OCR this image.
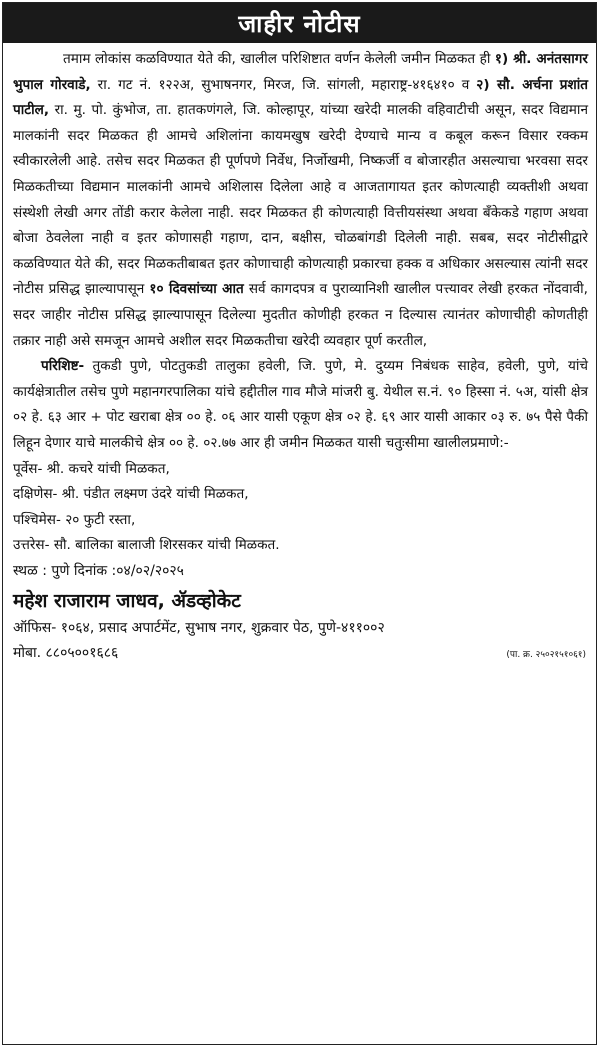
जाहीर नोटीस

तमाम लोकांस कळविण्यात येते की, खालील परिशिष्टात वर्णन केलेली जमीन मिळकत ही १) श्री. अनंतसागर भुपाल गोरवाडे, रा. गट नं. १२२अ, सुभाषनगर, मिरज, जि. सांगली, महाराष्ट्र-४१६४१० व २) सौ. अर्चना प्रशांत पाटील, रा. मु. पो. कुंभोज, ता. हातकणंगले, जि. कोल्हापूर, यांच्या खरेदी मालकी वहिवाटीची असून, सदर विद्यमान मालकांनी सदर मिळकत ही आमचे अशिलांना कायमखुष खरेदी देण्याचे मान्य व कबूल करून विसार रक्कम स्वीकारलेली आहे. तसेच सदर मिळकत ही पूर्णपणे निर्वेध, निर्जोखमी, निष्कर्जी व बोजारहीत असल्याचा भरवसा सदर मिळकतीच्या विद्यमान मालकांनी आमचे अशिलास दिलेला आहे व आजतागायत इतर कोणत्याही व्यक्तीशी अथवा संस्थेशी लेखी अगर तोंडी करार केलेला नाही. सदर मिळकत ही कोणत्याही वित्तीयसंस्था अथवा बँकेकडे गहाण अथवा बोजा ठेवलेला नाही व इतर कोणासही गहाण, दान, बक्षीस, चोळबांगडी दिलेली नाही. सबब, सदर नोटीसीद्वारे कळविण्यात येते की, सदर मिळकतीबाबत इतर कोणाचाही कोणत्याही प्रकारचा हक्क व अधिकार असल्यास त्यांनी सदर नोटीस प्रसिद्ध झाल्यापासून १० दिवसांच्या आत सर्व कागदपत्र व पुराव्यानिशी खालील पत्त्यावर लेखी हरकत नोंदवावी, सदर जाहीर नोटीस प्रसिद्ध झाल्यापासून दिलेल्या मुदतीत कोणीही हरकत न दिल्यास त्यानंतर कोणाचीही कोणतीही तक्रार नाही असे समजून आमचे अशील सदर मिळकतीचा खरेदी व्यवहार पूर्ण करतील,

परिशिष्ट- तुकडी पुणे, पोटतुकडी तालुका हवेली, जि. पुणे, मे. दुय्यम निबंधक साहेव, हवेली, पुणे, यांचे कार्यक्षेत्रातील तसेच पुणे महानगरपालिका यांचे हद्दीतील गाव मौजे मांजरी बु. येथील स.नं. ९० हिस्सा नं. ५अ, यांसी क्षेत्र ०२ हे. ६३ आर + पोट खराबा क्षेत्र ०० हे. ०६ आर यासी एकूण क्षेत्र ०२ हे. ६९ आर यासी आकार ०३ रु. ७५ पैसे पैकी लिहून देणार याचे मालकीचे क्षेत्र ०० हे. ०२.७७ आर ही जमीन मिळकत यासी चतुःसीमा खालीलप्रमाणे:-

पूर्वेस- श्री. कचरे यांची मिळकत,

दक्षिणेस- श्री. पंडीत लक्ष्मण उंदरे यांची मिळकत,

पश्चिमेस- २० फुटी रस्ता,

उत्तरेस- सौ. बालिका बालाजी शिरसकर यांची मिळकत.

स्थळ : पुणे दिनांक :०४/०२/२०२५

महेश राजाराम जाधव, ॲडव्होकेट

ऑफिस- १०६४, प्रसाद अपार्टमेंट, सुभाष नगर, शुक्रवार पेठ, पुणे-४११००२

मोबा. ८८०५००१६८६	(पा. क्र. २५०२१५१०६१)
